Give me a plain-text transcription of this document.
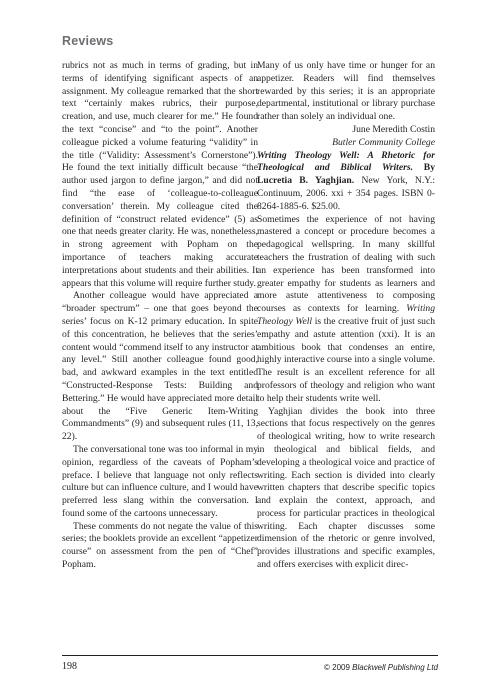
Reviews

rubrics not as much in terms of grading, but in terms of identifying significant aspects of an assignment. My colleague remarked that the short text “certainly makes rubrics, their purpose, creation, and use, much clearer for me.” He found the text “concise” and “to the point”. Another colleague picked a volume featuring “validity” in the title (“Validity: Assessment’s Cornerstone”). He found the text initially difficult because “the author used jargon to define jargon,” and did not find “the ease of ‘colleague-to-colleague conversation’ therein. My colleague cited the definition of “construct related evidence” (5) as one that needs greater clarity. He was, nonetheless, in strong agreement with Popham on the importance of teachers making accurate interpretations about students and their abilities. It appears that this volume will require further study.

Another colleague would have appreciated a “broader spectrum” – one that goes beyond the series’ focus on K-12 primary education. In spite of this concentration, he believes that the series’ content would “commend itself to any instructor at any level.” Still another colleague found good, bad, and awkward examples in the text entitled “Constructed-Response Tests: Building and Bettering.” He would have appreciated more detail about the “Five Generic Item-Writing Commandments” (9) and subsequent rules (11, 13, 22).

The conversational tone was too informal in my opinion, regardless of the caveats of Popham’s preface. I believe that language not only reflects culture but can influence culture, and I would have preferred less slang within the conversation. I found some of the cartoons unnecessary.

These comments do not negate the value of this series; the booklets provide an excellent “appetizer course” on assessment from the pen of “Chef” Popham.

Many of us only have time or hunger for an appetizer. Readers will find themselves rewarded by this series; it is an appropriate departmental, institutional or library purchase rather than solely an individual one.

June Meredith Costin

Butler Community College

Writing Theology Well: A Rhetoric for Theological and Biblical Writers. By Lucretia B. Yaghjian. New York, N.Y.: Continuum, 2006. xxi + 354 pages. ISBN 0-8264-1885-6. $25.00.

Sometimes the experience of not having mastered a concept or procedure becomes a pedagogical wellspring. In many skillful teachers the frustration of dealing with such an experience has been transformed into greater empathy for students as learners and more astute attentiveness to composing courses as contexts for learning. Writing Theology Well is the creative fruit of just such empathy and astute attention (xxi). It is an ambitious book that condenses an entire, highly interactive course into a single volume. The result is an excellent reference for all professors of theology and religion who want to help their students write well.

Yaghjian divides the book into three sections that focus respectively on the genres of theological writing, how to write research in theological and biblical fields, and developing a theological voice and practice of writing. Each section is divided into clearly written chapters that describe specific topics and explain the context, approach, and process for particular practices in theological writing. Each chapter discusses some dimension of the rhetoric or genre involved, provides illustrations and specific examples, and offers exercises with explicit direc-

198	© 2009 Blackwell Publishing Ltd
